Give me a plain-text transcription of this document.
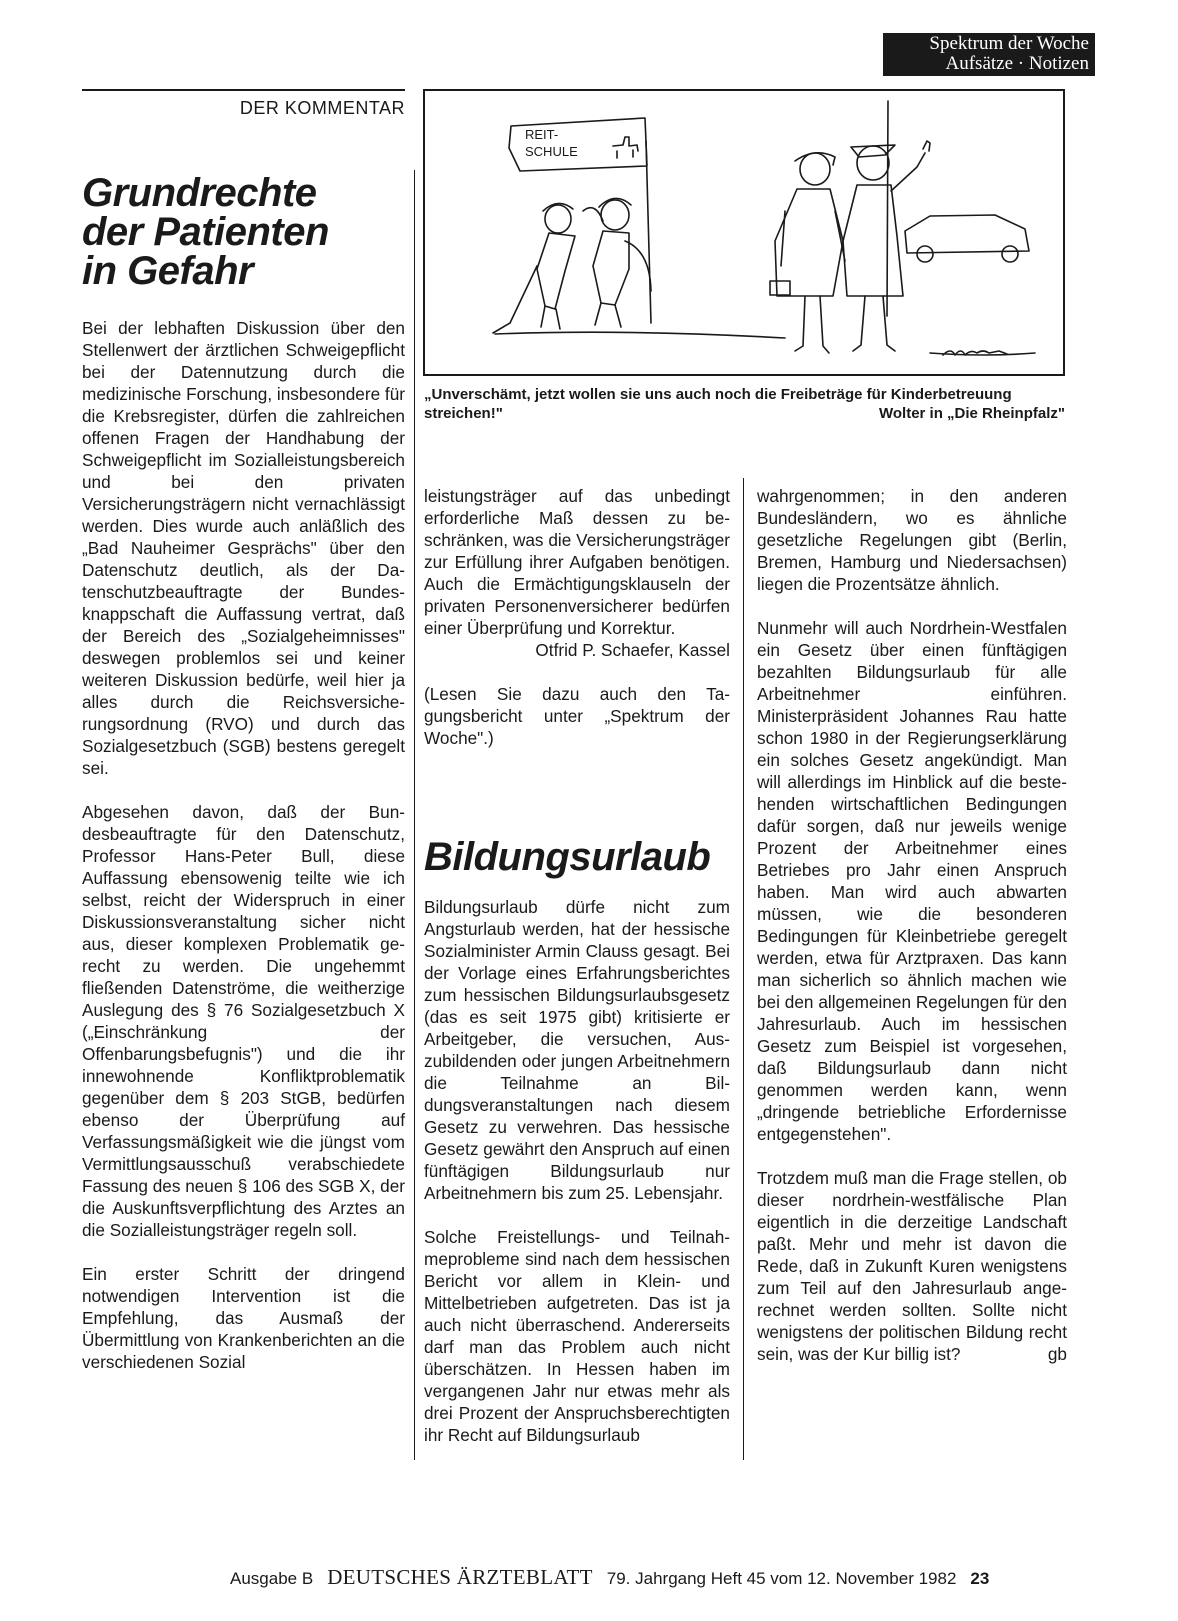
Spektrum der Woche
Aufsätze · Notizen
DER KOMMENTAR
Grundrechte
der Patienten
in Gefahr

Bei der lebhaften Diskussion über den Stellenwert der ärztlichen Schweigepflicht bei der Datennutzung durch die medizinische Forschung, insbesondere für die Krebsregister, dürfen die zahlreichen offenen Fragen der Handhabung der Schweigepflicht im Sozialleistungsbereich und bei den privaten Versicherungsträgern nicht vernachlässigt werden. Dies wurde auch anläßlich des „Bad Nauheimer Gesprächs" über den Datenschutz deutlich, als der Datenschutzbeauftragte der Bundesknappschaft die Auffassung vertrat, daß der Bereich des „Sozialgeheimnisses" deswegen problemlos sei und keiner weiteren Diskussion bedürfe, weil hier ja alles durch die Reichsversicherungsordnung (RVO) und durch das Sozialgesetzbuch (SGB) bestens geregelt sei.

Abgesehen davon, daß der Bundesbeauftragte für den Datenschutz, Professor Hans-Peter Bull, diese Auffassung ebensowenig teilte wie ich selbst, reicht der Widerspruch in einer Diskussionsveranstaltung sicher nicht aus, dieser komplexen Problematik gerecht zu werden. Die ungehemmt fließenden Datenströme, die weitherzige Auslegung des § 76 Sozialgesetzbuch X („Einschränkung der Offenbarungsbefugnis") und die ihr innewohnende Konfliktproblematik gegenüber dem § 203 StGB, bedürfen ebenso der Überprüfung auf Verfassungsmäßigkeit wie die jüngst vom Vermittlungsausschuß verabschiedete Fassung des neuen § 106 des SGB X, der die Auskunftsverpflichtung des Arztes an die Sozialleistungsträger regeln soll.

Ein erster Schritt der dringend notwendigen Intervention ist die Empfehlung, das Ausmaß der Übermittlung von Krankenberichten an die verschiedenen Sozial

REIT-
SCHULE
„Unverschämt, jetzt wollen sie uns auch noch die Freibeträge für Kinderbetreuung
streichen!"	Wolter in „Die Rheinpfalz"

leistungsträger auf das unbedingt erforderliche Maß dessen zu beschränken, was die Versicherungsträger zur Erfüllung ihrer Aufgaben benötigen. Auch die Ermächtigungsklauseln der privaten Personenversicherer bedürfen einer Überprüfung und Korrektur.

Otfrid P. Schaefer, Kassel

(Lesen Sie dazu auch den Tagungsbericht unter „Spektrum der Woche".)

Bildungsurlaub

Bildungsurlaub dürfe nicht zum Angsturlaub werden, hat der hessische Sozialminister Armin Clauss gesagt. Bei der Vorlage eines Erfahrungsberichtes zum hessischen Bildungsurlaubsgesetz (das es seit 1975 gibt) kritisierte er Arbeitgeber, die versuchen, Auszubildenden oder jungen Arbeitnehmern die Teilnahme an Bildungsveranstaltungen nach diesem Gesetz zu verwehren. Das hessische Gesetz gewährt den Anspruch auf einen fünftägigen Bildungsurlaub nur Arbeitnehmern bis zum 25. Lebensjahr.

Solche Freistellungs- und Teilnahmeprobleme sind nach dem hessischen Bericht vor allem in Klein- und Mittelbetrieben aufgetreten. Das ist ja auch nicht überraschend. Andererseits darf man das Problem auch nicht überschätzen. In Hessen haben im vergangenen Jahr nur etwas mehr als drei Prozent der Anspruchsberechtigten ihr Recht auf Bildungsurlaub

wahrgenommen; in den anderen Bundesländern, wo es ähnliche gesetzliche Regelungen gibt (Berlin, Bremen, Hamburg und Niedersachsen) liegen die Prozentsätze ähnlich.

Nunmehr will auch Nordrhein-Westfalen ein Gesetz über einen fünftägigen bezahlten Bildungsurlaub für alle Arbeitnehmer einführen. Ministerpräsident Johannes Rau hatte schon 1980 in der Regierungserklärung ein solches Gesetz angekündigt. Man will allerdings im Hinblick auf die bestehenden wirtschaftlichen Bedingungen dafür sorgen, daß nur jeweils wenige Prozent der Arbeitnehmer eines Betriebes pro Jahr einen Anspruch haben. Man wird auch abwarten müssen, wie die besonderen Bedingungen für Kleinbetriebe geregelt werden, etwa für Arztpraxen. Das kann man sicherlich so ähnlich machen wie bei den allgemeinen Regelungen für den Jahresurlaub. Auch im hessischen Gesetz zum Beispiel ist vorgesehen, daß Bildungsurlaub dann nicht genommen werden kann, wenn „dringende betriebliche Erfordernisse entgegenstehen".

Trotzdem muß man die Frage stellen, ob dieser nordrhein-westfälische Plan eigentlich in die derzeitige Landschaft paßt. Mehr und mehr ist davon die Rede, daß in Zukunft Kuren wenigstens zum Teil auf den Jahresurlaub angerechnet werden sollten. Sollte nicht wenigstens der politischen Bildung recht sein, was der Kur billig ist?	gb

Ausgabe B DEUTSCHES ÄRZTEBLATT 79. Jahrgang Heft 45 vom 12. November 1982 23
